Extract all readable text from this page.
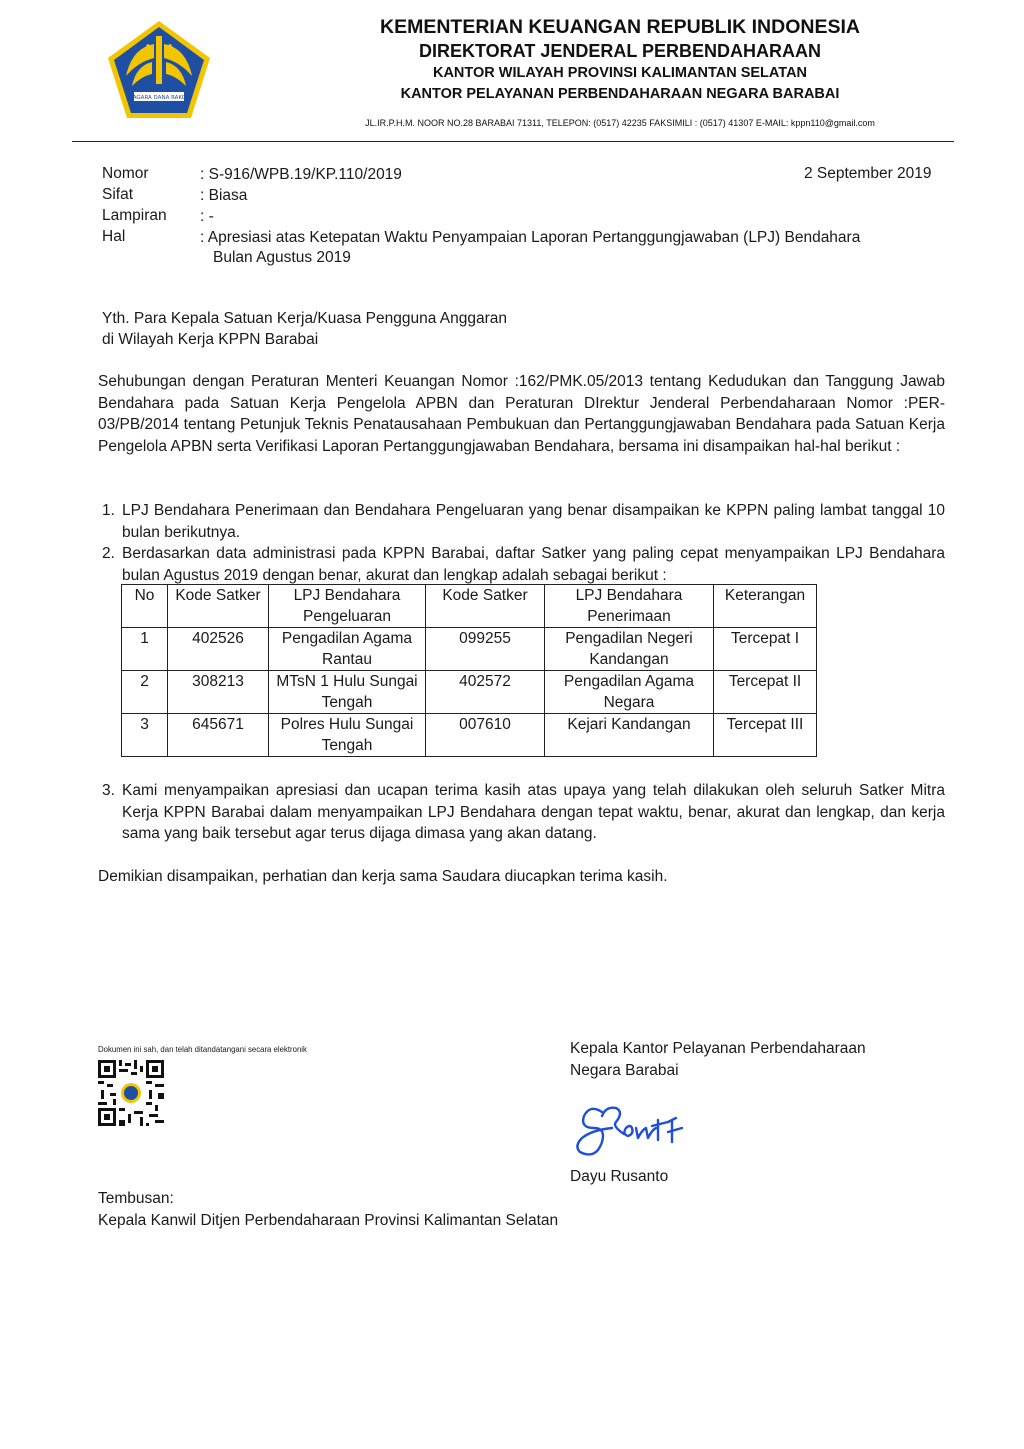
NAGARA DANA RAKCA
KEMENTERIAN KEUANGAN REPUBLIK INDONESIA
DIREKTORAT JENDERAL PERBENDAHARAAN
KANTOR WILAYAH PROVINSI KALIMANTAN SELATAN
KANTOR PELAYANAN PERBENDAHARAAN NEGARA BARABAI
JL.IR.P.H.M. NOOR NO.28 BARABAI 71311, TELEPON: (0517) 42235 FAKSIMILI : (0517) 41307 E-MAIL: kppn110@gmail.com
Nomor	: S-916/WPB.19/KP.110/2019	2 September 2019
Sifat	: Biasa
Lampiran : -
Hal	: Apresiasi atas Ketepatan Waktu Penyampaian Laporan Pertanggungjawaban (LPJ) Bendahara
Bulan Agustus 2019
Yth. Para Kepala Satuan Kerja/Kuasa Pengguna Anggaran
di Wilayah Kerja KPPN Barabai
Sehubungan dengan Peraturan Menteri Keuangan Nomor :162/PMK.05/2013 tentang Kedudukan dan Tanggung Jawab Bendahara pada Satuan Kerja Pengelola APBN dan Peraturan DIrektur Jenderal Perbendaharaan Nomor :PER-03/PB/2014 tentang Petunjuk Teknis Penatausahaan Pembukuan dan Pertanggungjawaban Bendahara pada Satuan Kerja Pengelola APBN serta Verifikasi Laporan Pertanggungjawaban Bendahara, bersama ini disampaikan hal-hal berikut :
1. LPJ Bendahara Penerimaan dan Bendahara Pengeluaran yang benar disampaikan ke KPPN paling lambat tanggal 10 bulan berikutnya.
2. Berdasarkan data administrasi pada KPPN Barabai, daftar Satker yang paling cepat menyampaikan LPJ Bendahara bulan Agustus 2019 dengan benar, akurat dan lengkap adalah sebagai berikut :
No	Kode Satker	LPJ Bendahara Pengeluaran	Kode Satker	LPJ Bendahara Penerimaan	Keterangan
1	402526	Pengadilan Agama Rantau	099255	Pengadilan Negeri Kandangan	Tercepat I
2	308213	MTsN 1 Hulu Sungai Tengah	402572	Pengadilan Agama Negara	Tercepat II
3	645671	Polres Hulu Sungai Tengah	007610	Kejari Kandangan	Tercepat III
3. Kami menyampaikan apresiasi dan ucapan terima kasih atas upaya yang telah dilakukan oleh seluruh Satker Mitra Kerja KPPN Barabai dalam menyampaikan LPJ Bendahara dengan tepat waktu, benar, akurat dan lengkap, dan kerja sama yang baik tersebut agar terus dijaga dimasa yang akan datang.
Demikian disampaikan, perhatian dan kerja sama Saudara diucapkan terima kasih.
Dokumen ini sah, dan telah ditandatangani secara elektronik	Kepala Kantor Pelayanan Perbendaharaan
Negara Barabai
Dayu Rusanto
Tembusan:
Kepala Kanwil Ditjen Perbendaharaan Provinsi Kalimantan Selatan
